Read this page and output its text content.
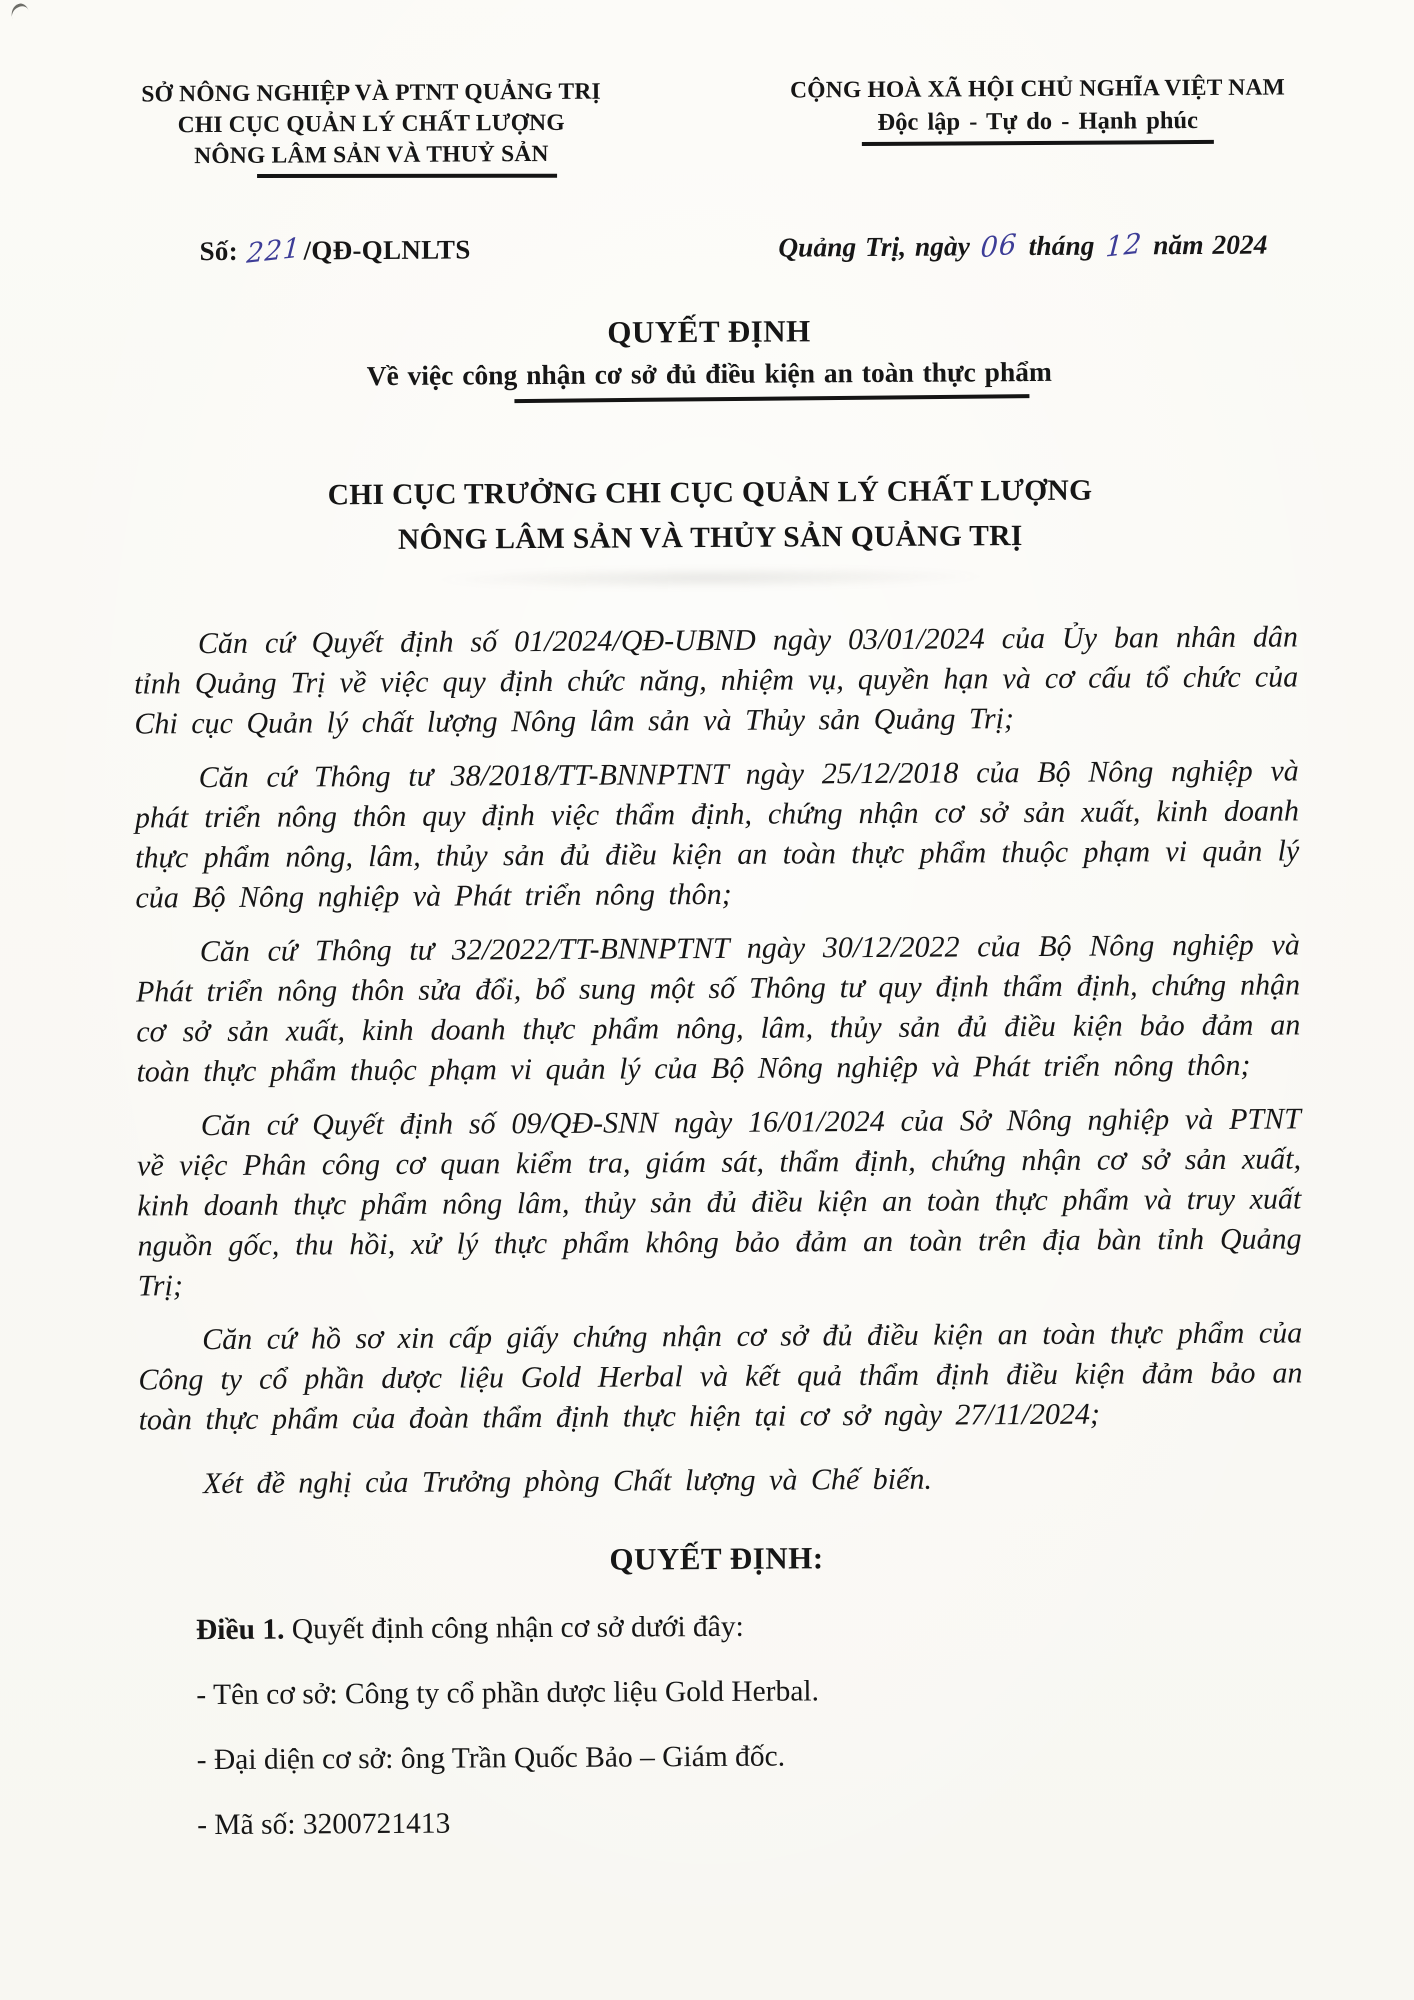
SỞ NÔNG NGHIỆP VÀ PTNT QUẢNG TRỊ
CHI CỤC QUẢN LÝ CHẤT LƯỢNG
NÔNG LÂM SẢN VÀ THUỶ SẢN
CỘNG HOÀ XÃ HỘI CHỦ NGHĨA VIỆT NAM
Độc lập - Tự do - Hạnh phúc
Số: 221/QĐ-QLNLTS	Quảng Trị, ngày 06 tháng 12 năm 2024
QUYẾT ĐỊNH
Về việc công nhận cơ sở đủ điều kiện an toàn thực phẩm
CHI CỤC TRƯỞNG CHI CỤC QUẢN LÝ CHẤT LƯỢNG
NÔNG LÂM SẢN VÀ THỦY SẢN QUẢNG TRỊ

Căn cứ Quyết định số 01/2024/QĐ-UBND ngày 03/01/2024 của Ủy ban nhân dân tỉnh Quảng Trị về việc quy định chức năng, nhiệm vụ, quyền hạn và cơ cấu tổ chức của Chi cục Quản lý chất lượng Nông lâm sản và Thủy sản Quảng Trị;

Căn cứ Thông tư 38/2018/TT-BNNPTNT ngày 25/12/2018 của Bộ Nông nghiệp và phát triển nông thôn quy định việc thẩm định, chứng nhận cơ sở sản xuất, kinh doanh thực phẩm nông, lâm, thủy sản đủ điều kiện an toàn thực phẩm thuộc phạm vi quản lý của Bộ Nông nghiệp và Phát triển nông thôn;

Căn cứ Thông tư 32/2022/TT-BNNPTNT ngày 30/12/2022 của Bộ Nông nghiệp và Phát triển nông thôn sửa đổi, bổ sung một số Thông tư quy định thẩm định, chứng nhận cơ sở sản xuất, kinh doanh thực phẩm nông, lâm, thủy sản đủ điều kiện bảo đảm an toàn thực phẩm thuộc phạm vi quản lý của Bộ Nông nghiệp và Phát triển nông thôn;

Căn cứ Quyết định số 09/QĐ-SNN ngày 16/01/2024 của Sở Nông nghiệp và PTNT về việc Phân công cơ quan kiểm tra, giám sát, thẩm định, chứng nhận cơ sở sản xuất, kinh doanh thực phẩm nông lâm, thủy sản đủ điều kiện an toàn thực phẩm và truy xuất nguồn gốc, thu hồi, xử lý thực phẩm không bảo đảm an toàn trên địa bàn tỉnh Quảng Trị;

Căn cứ hồ sơ xin cấp giấy chứng nhận cơ sở đủ điều kiện an toàn thực phẩm của Công ty cổ phần dược liệu Gold Herbal và kết quả thẩm định điều kiện đảm bảo an toàn thực phẩm của đoàn thẩm định thực hiện tại cơ sở ngày 27/11/2024;

Xét đề nghị của Trưởng phòng Chất lượng và Chế biến.

QUYẾT ĐỊNH:

Điều 1. Quyết định công nhận cơ sở dưới đây:

- Tên cơ sở: Công ty cổ phần dược liệu Gold Herbal.

- Đại diện cơ sở: ông Trần Quốc Bảo – Giám đốc.

- Mã số: 3200721413
